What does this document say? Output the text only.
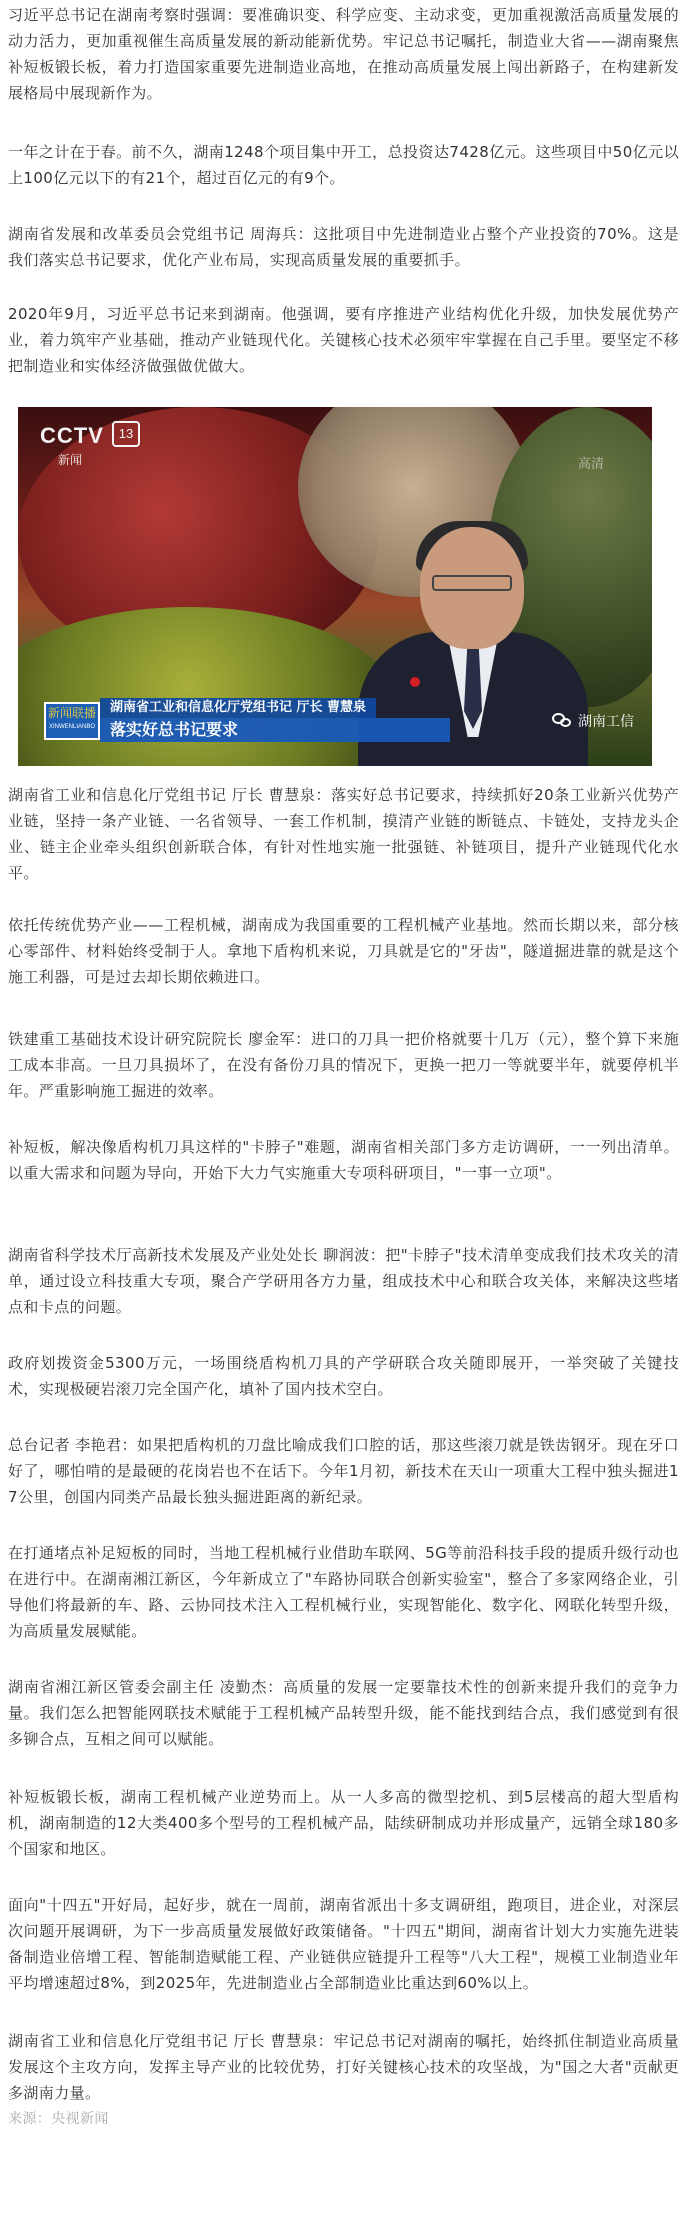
习近平总书记在湖南考察时强调：要准确识变、科学应变、主动求变，更加重视激活高质量发展的动力活力，更加重视催生高质量发展的新动能新优势。牢记总书记嘱托，制造业大省——湖南聚焦补短板锻长板，着力打造国家重要先进制造业高地，在推动高质量发展上闯出新路子，在构建新发展格局中展现新作为。

一年之计在于春。前不久，湖南1248个项目集中开工，总投资达7428亿元。这些项目中50亿元以上100亿元以下的有21个，超过百亿元的有9个。

湖南省发展和改革委员会党组书记 周海兵：这批项目中先进制造业占整个产业投资的70%。这是我们落实总书记要求，优化产业布局，实现高质量发展的重要抓手。

2020年9月，习近平总书记来到湖南。他强调，要有序推进产业结构优化升级，加快发展优势产业，着力筑牢产业基础，推动产业链现代化。关键核心技术必须牢牢掌握在自己手里。要坚定不移把制造业和实体经济做强做优做大。

CCTV	13
新闻	高清
新闻联播
XINWENLIANBO
湖南省工业和信息化厅党组书记 厅长 曹慧泉
落实好总书记要求	湖南工信

湖南省工业和信息化厅党组书记 厅长 曹慧泉：落实好总书记要求，持续抓好20条工业新兴优势产业链，坚持一条产业链、一名省领导、一套工作机制，摸清产业链的断链点、卡链处，支持龙头企业、链主企业牵头组织创新联合体，有针对性地实施一批强链、补链项目，提升产业链现代化水平。

依托传统优势产业——工程机械，湖南成为我国重要的工程机械产业基地。然而长期以来，部分核心零部件、材料始终受制于人。拿地下盾构机来说，刀具就是它的"牙齿"，隧道掘进靠的就是这个施工利器，可是过去却长期依赖进口。

铁建重工基础技术设计研究院院长 廖金军：进口的刀具一把价格就要十几万（元），整个算下来施工成本非高。一旦刀具损坏了，在没有备份刀具的情况下，更换一把刀一等就要半年，就要停机半年。严重影响施工掘进的效率。

补短板，解决像盾构机刀具这样的"卡脖子"难题，湖南省相关部门多方走访调研，一一列出清单。以重大需求和问题为导向，开始下大力气实施重大专项科研项目，"一事一立项"。

湖南省科学技术厅高新技术发展及产业处处长 聊润波：把"卡脖子"技术清单变成我们技术攻关的清单，通过设立科技重大专项，聚合产学研用各方力量，组成技术中心和联合攻关体，来解决这些堵点和卡点的问题。

政府划拨资金5300万元，一场围绕盾构机刀具的产学研联合攻关随即展开，一举突破了关键技术，实现极硬岩滚刀完全国产化，填补了国内技术空白。

总台记者 李艳君：如果把盾构机的刀盘比喻成我们口腔的话，那这些滚刀就是铁齿钢牙。现在牙口好了，哪怕啃的是最硬的花岗岩也不在话下。今年1月初，新技术在天山一项重大工程中独头掘进17公里，创国内同类产品最长独头掘进距离的新纪录。

在打通堵点补足短板的同时，当地工程机械行业借助车联网、5G等前沿科技手段的提质升级行动也在进行中。在湖南湘江新区，今年新成立了"车路协同联合创新实验室"，整合了多家网络企业，引导他们将最新的车、路、云协同技术注入工程机械行业，实现智能化、数字化、网联化转型升级，为高质量发展赋能。

湖南省湘江新区管委会副主任 凌勤杰：高质量的发展一定要靠技术性的创新来提升我们的竞争力量。我们怎么把智能网联技术赋能于工程机械产品转型升级，能不能找到结合点，我们感觉到有很多铆合点，互相之间可以赋能。

补短板锻长板，湖南工程机械产业逆势而上。从一人多高的微型挖机、到5层楼高的超大型盾构机，湖南制造的12大类400多个型号的工程机械产品，陆续研制成功并形成量产，远销全球180多个国家和地区。

面向"十四五"开好局，起好步，就在一周前，湖南省派出十多支调研组，跑项目，进企业，对深层次问题开展调研，为下一步高质量发展做好政策储备。"十四五"期间，湖南省计划大力实施先进装备制造业倍增工程、智能制造赋能工程、产业链供应链提升工程等"八大工程"，规模工业制造业年平均增速超过8%，到2025年，先进制造业占全部制造业比重达到60%以上。

湖南省工业和信息化厅党组书记 厅长 曹慧泉：牢记总书记对湖南的嘱托，始终抓住制造业高质量发展这个主攻方向，发挥主导产业的比较优势，打好关键核心技术的攻坚战，为"国之大者"贡献更多湖南力量。

来源：央视新闻
